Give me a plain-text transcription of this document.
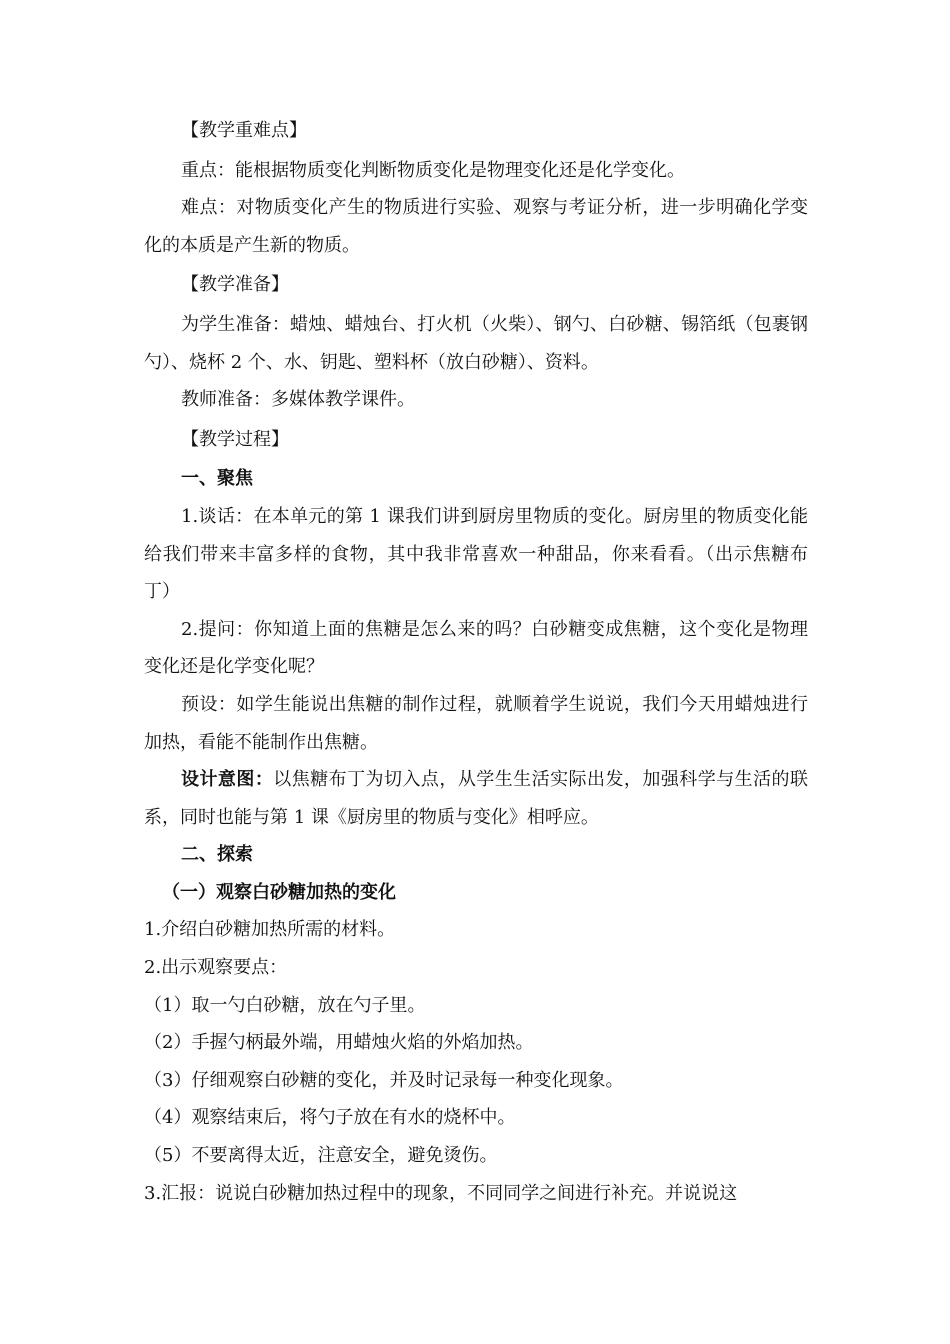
【教学重难点】

重点：能根据物质变化判断物质变化是物理变化还是化学变化。

难点：对物质变化产生的物质进行实验、观察与考证分析，进一步明确化学变化的本质是产生新的物质。

【教学准备】

为学生准备：蜡烛、蜡烛台、打火机（火柴）、钢勺、白砂糖、锡箔纸（包裹钢勺）、烧杯 2 个、水、钥匙、塑料杯（放白砂糖）、资料。

教师准备：多媒体教学课件。

【教学过程】

一、聚焦

1.谈话：在本单元的第 1 课我们讲到厨房里物质的变化。厨房里的物质变化能给我们带来丰富多样的食物，其中我非常喜欢一种甜品，你来看看。（出示焦糖布丁）

2.提问：你知道上面的焦糖是怎么来的吗？白砂糖变成焦糖，这个变化是物理变化还是化学变化呢？

预设：如学生能说出焦糖的制作过程，就顺着学生说说，我们今天用蜡烛进行加热，看能不能制作出焦糖。

设计意图：以焦糖布丁为切入点，从学生生活实际出发，加强科学与生活的联系，同时也能与第 1 课《厨房里的物质与变化》相呼应。

二、探索

（一）观察白砂糖加热的变化

1.介绍白砂糖加热所需的材料。

2.出示观察要点：

（1）取一勺白砂糖，放在勺子里。

（2）手握勺柄最外端，用蜡烛火焰的外焰加热。

（3）仔细观察白砂糖的变化，并及时记录每一种变化现象。

（4）观察结束后，将勺子放在有水的烧杯中。

（5）不要离得太近，注意安全，避免烫伤。

3.汇报：说说白砂糖加热过程中的现象，不同同学之间进行补充。并说说这
